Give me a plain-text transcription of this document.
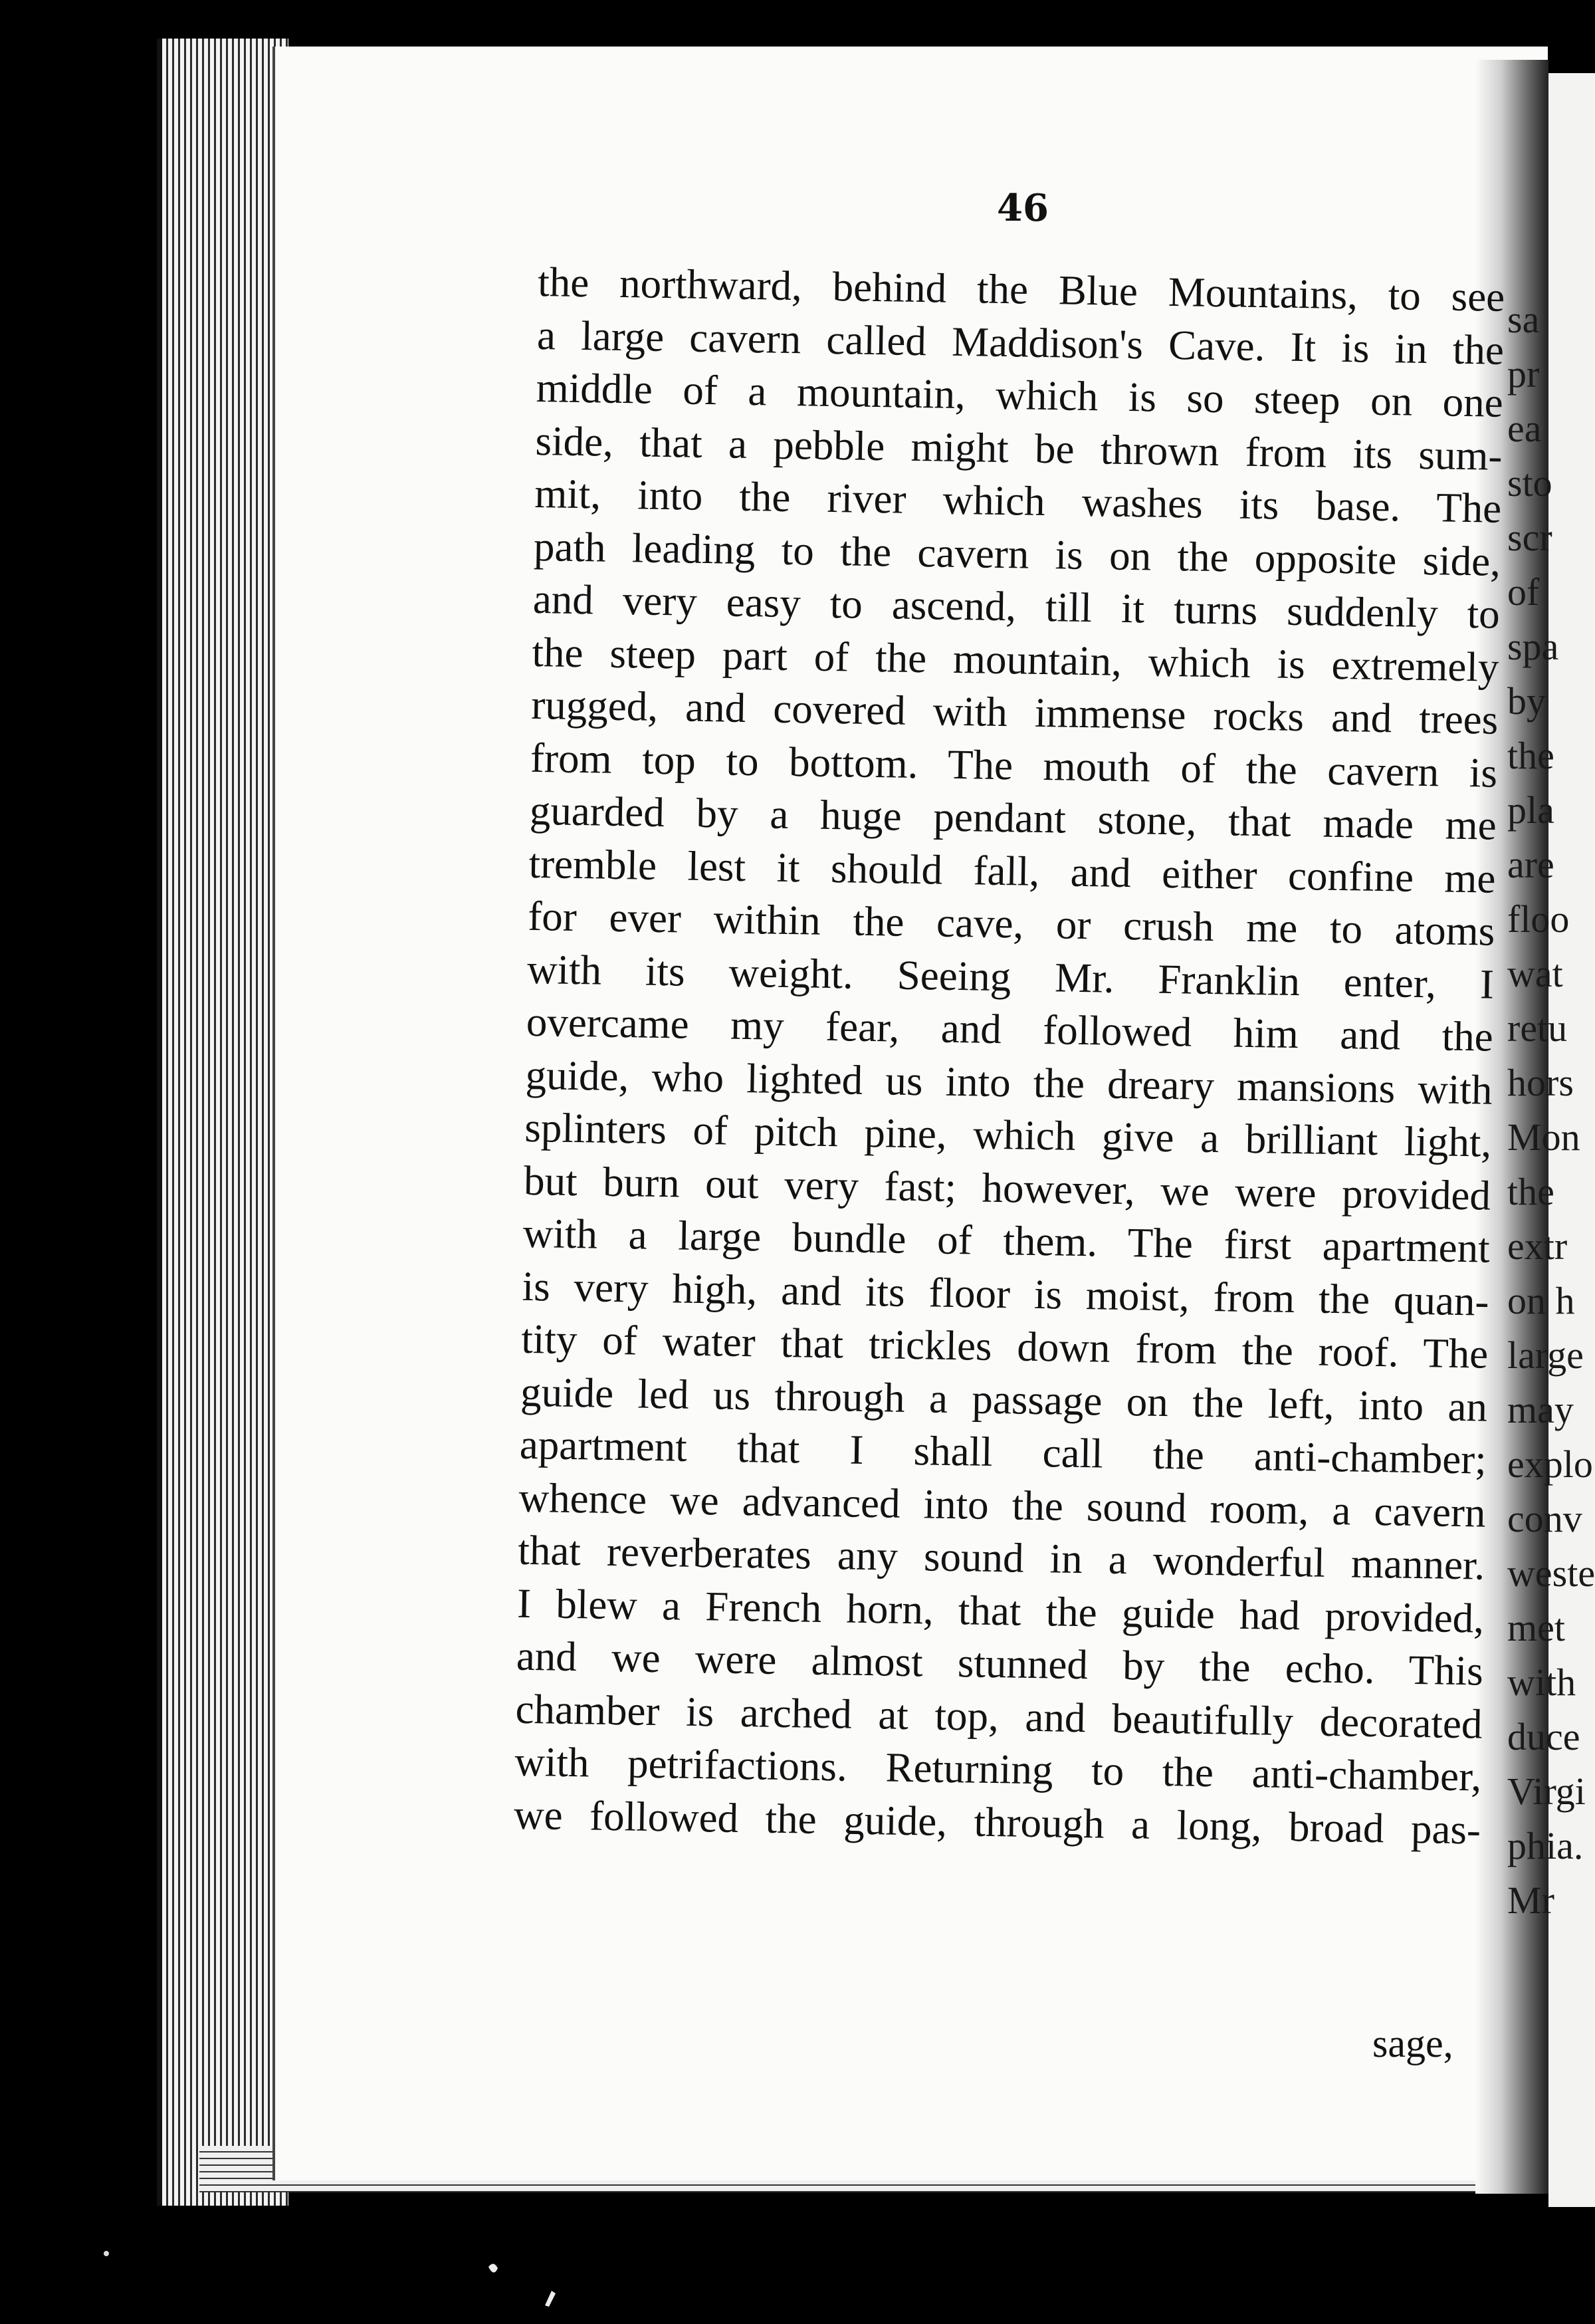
46
the northward, behind the Blue Mountains, to see
a large cavern called Maddison's Cave. It is in the
middle of a mountain, which is so steep on one
side, that a pebble might be thrown from its sum-
mit, into the river which washes its base. The
path leading to the cavern is on the opposite side,
and very easy to ascend, till it turns suddenly to
the steep part of the mountain, which is extremely
rugged, and covered with immense rocks and trees
from top to bottom. The mouth of the cavern is
guarded by a huge pendant stone, that made me
tremble lest it should fall, and either confine me
for ever within the cave, or crush me to atoms
with its weight. Seeing Mr. Franklin enter, I
overcame my fear, and followed him and the
guide, who lighted us into the dreary mansions with
splinters of pitch pine, which give a brilliant light,
but burn out very fast; however, we were provided
with a large bundle of them. The first apartment
is very high, and its floor is moist, from the quan-
tity of water that trickles down from the roof. The
guide led us through a passage on the left, into an
apartment that I shall call the anti-chamber;
whence we advanced into the sound room, a cavern
that reverberates any sound in a wonderful manner.
I blew a French horn, that the guide had provided,
and we were almost stunned by the echo. This
chamber is arched at top, and beautifully decorated
with petrifactions. Returning to the anti-chamber,
we followed the guide, through a long, broad pas-
sage,
sa
pr
ea
sto
scr
of
spa
by
the
pla
are
floo
wat
retu
hors
Mon
the
extr
on h
large
may
explo
conv
weste
met
with
duce
Virgi
phia.
Mr
